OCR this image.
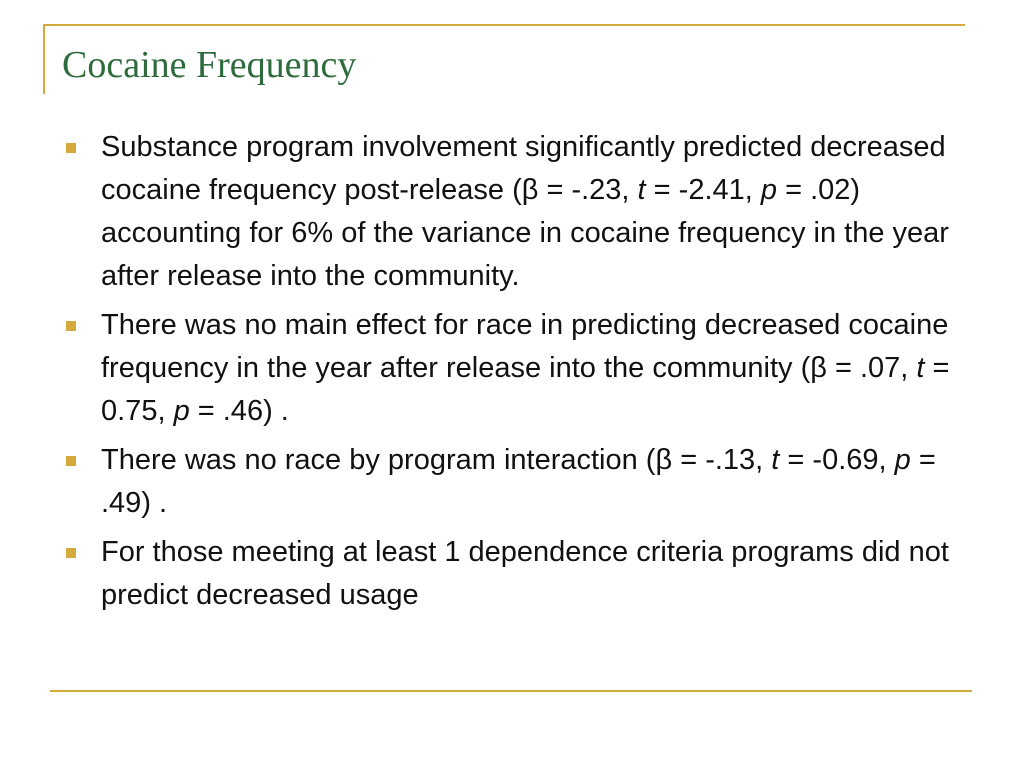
Cocaine Frequency
Substance program involvement significantly predicted decreased cocaine frequency post-release (β = -.23, t = -2.41, p = .02) accounting for 6% of the variance in cocaine frequency in the year after release into the community.
There was no main effect for race in predicting decreased cocaine frequency in the year after release into the community (β = .07, t = 0.75, p = .46) .
There was no race by program interaction (β = -.13, t = -0.69, p = .49) .
For those meeting at least 1 dependence criteria programs did not predict decreased usage
